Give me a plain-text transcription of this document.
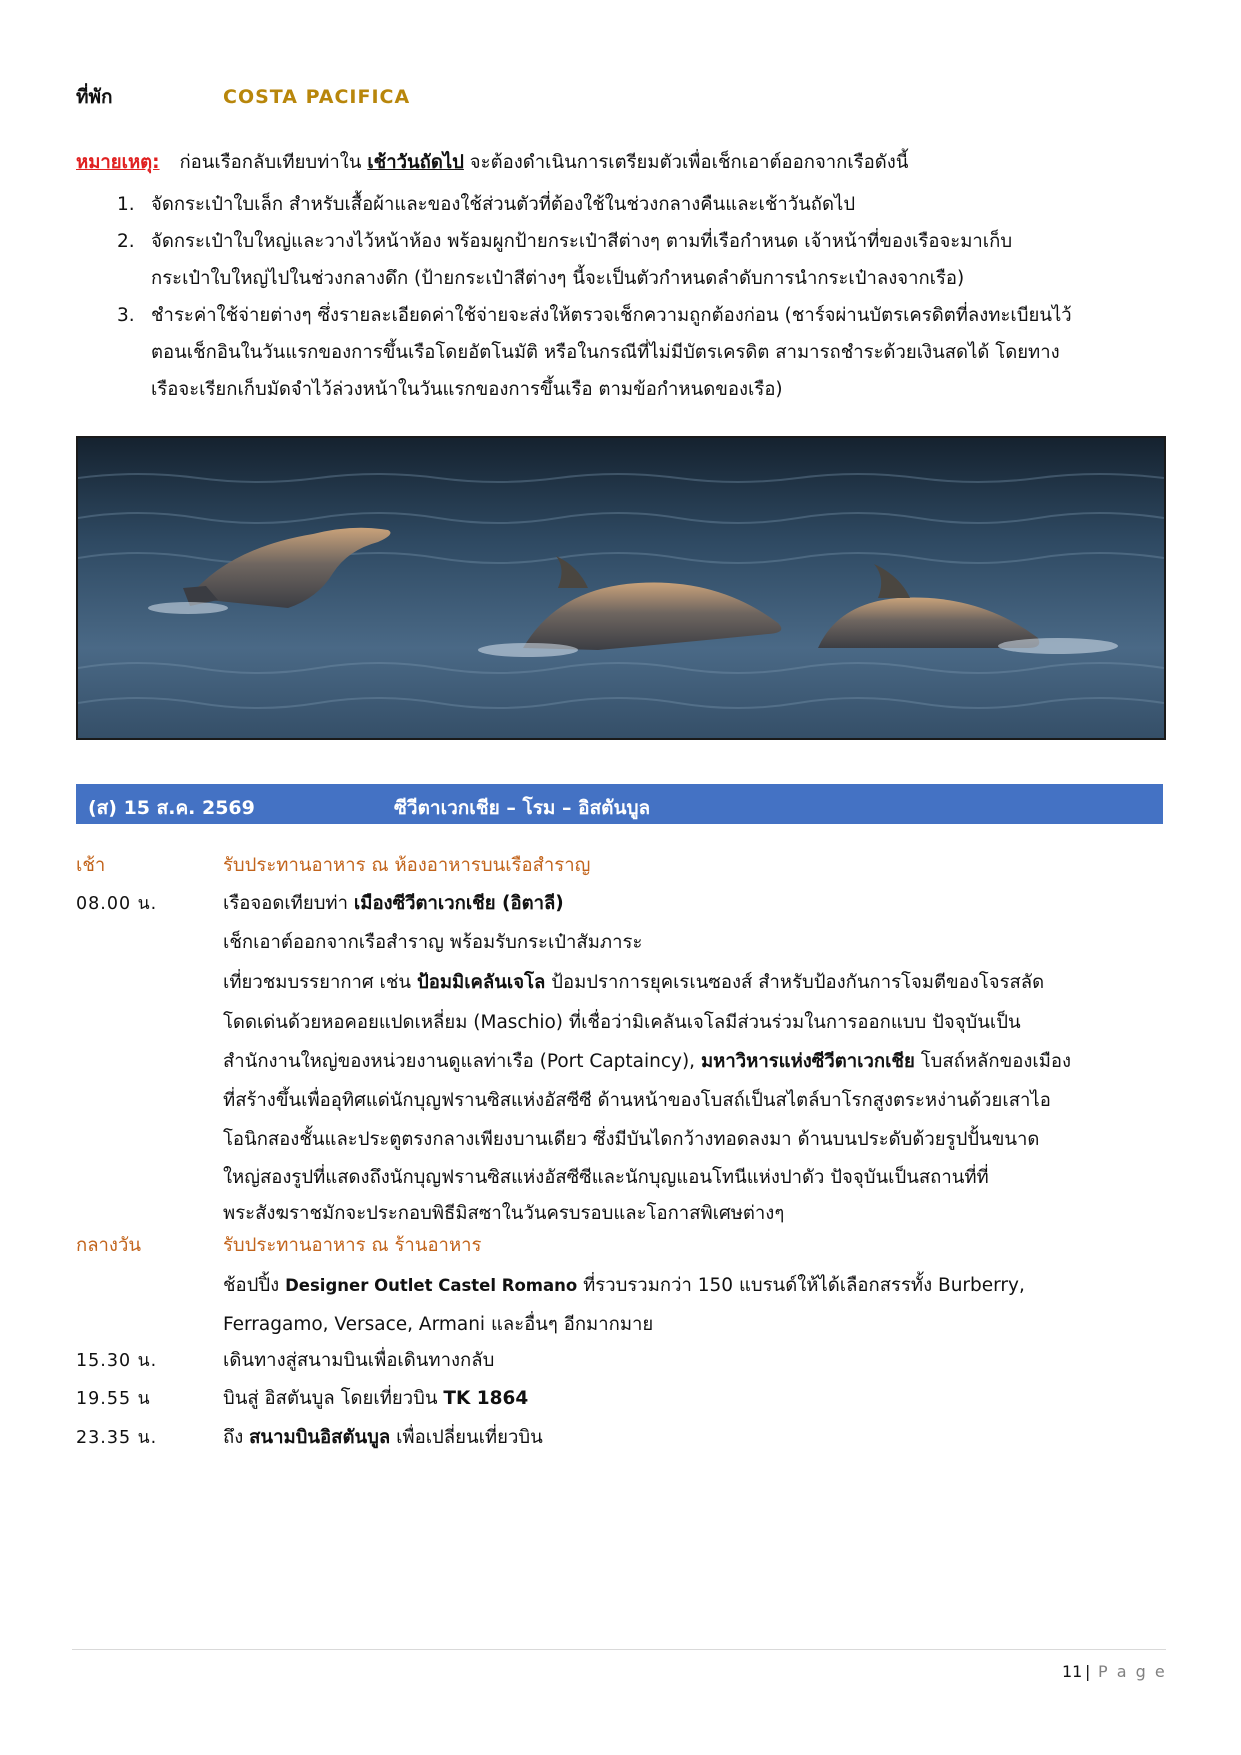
ที่พัก	COSTA PACIFICA
หมายเหตุ: ก่อนเรือกลับเทียบท่าใน เช้าวันถัดไป จะต้องดำเนินการเตรียมตัวเพื่อเช็กเอาต์ออกจากเรือดังนี้
1. จัดกระเป๋าใบเล็ก สำหรับเสื้อผ้าและของใช้ส่วนตัวที่ต้องใช้ในช่วงกลางคืนและเช้าวันถัดไป
2. จัดกระเป๋าใบใหญ่และวางไว้หน้าห้อง พร้อมผูกป้ายกระเป๋าสีต่างๆ ตามที่เรือกำหนด เจ้าหน้าที่ของเรือจะมาเก็บ
กระเป๋าใบใหญ่ไปในช่วงกลางดึก (ป้ายกระเป๋าสีต่างๆ นี้จะเป็นตัวกำหนดลำดับการนำกระเป๋าลงจากเรือ)
3. ชำระค่าใช้จ่ายต่างๆ ซึ่งรายละเอียดค่าใช้จ่ายจะส่งให้ตรวจเช็กความถูกต้องก่อน (ชาร์จผ่านบัตรเครดิตที่ลงทะเบียนไว้
ตอนเช็กอินในวันแรกของการขึ้นเรือโดยอัตโนมัติ หรือในกรณีที่ไม่มีบัตรเครดิต สามารถชำระด้วยเงินสดได้ โดยทาง
เรือจะเรียกเก็บมัดจำไว้ล่วงหน้าในวันแรกของการขึ้นเรือ ตามข้อกำหนดของเรือ)
(ส) 15 ส.ค. 2569	ซีวีตาเวกเชีย – โรม – อิสตันบูล
เช้า	รับประทานอาหาร ณ ห้องอาหารบนเรือสำราญ
08.00 น.	เรือจอดเทียบท่า เมืองซีวีตาเวกเชีย (อิตาลี)
เช็กเอาต์ออกจากเรือสำราญ พร้อมรับกระเป๋าสัมภาระ
เที่ยวชมบรรยากาศ เช่น ป้อมมิเคลันเจโล ป้อมปราการยุคเรเนซองส์ สำหรับป้องกันการโจมตีของโจรสลัด
โดดเด่นด้วยหอคอยแปดเหลี่ยม (Maschio) ที่เชื่อว่ามิเคลันเจโลมีส่วนร่วมในการออกแบบ ปัจจุบันเป็น
สำนักงานใหญ่ของหน่วยงานดูแลท่าเรือ (Port Captaincy), มหาวิหารแห่งซีวีตาเวกเชีย โบสถ์หลักของเมือง
ที่สร้างขึ้นเพื่ออุทิศแด่นักบุญฟรานซิสแห่งอัสซีซี ด้านหน้าของโบสถ์เป็นสไตล์บาโรกสูงตระหง่านด้วยเสาไอ
โอนิกสองชั้นและประตูตรงกลางเพียงบานเดียว ซึ่งมีบันไดกว้างทอดลงมา ด้านบนประดับด้วยรูปปั้นขนาด
ใหญ่สองรูปที่แสดงถึงนักบุญฟรานซิสแห่งอัสซีซีและนักบุญแอนโทนีแห่งปาดัว ปัจจุบันเป็นสถานที่ที่
พระสังฆราชมักจะประกอบพิธีมิสซาในวันครบรอบและโอกาสพิเศษต่างๆ
กลางวัน	รับประทานอาหาร ณ ร้านอาหาร
ช้อปปิ้ง Designer Outlet Castel Romano ที่รวบรวมกว่า 150 แบรนด์ให้ได้เลือกสรรทั้ง Burberry,
Ferragamo, Versace, Armani และอื่นๆ อีกมากมาย
15.30 น.	เดินทางสู่สนามบินเพื่อเดินทางกลับ
19.55 น	บินสู่ อิสตันบูล โดยเที่ยวบิน TK 1864
23.35 น.	ถึง สนามบินอิสตันบูล เพื่อเปลี่ยนเที่ยวบิน
11 | P a g e
